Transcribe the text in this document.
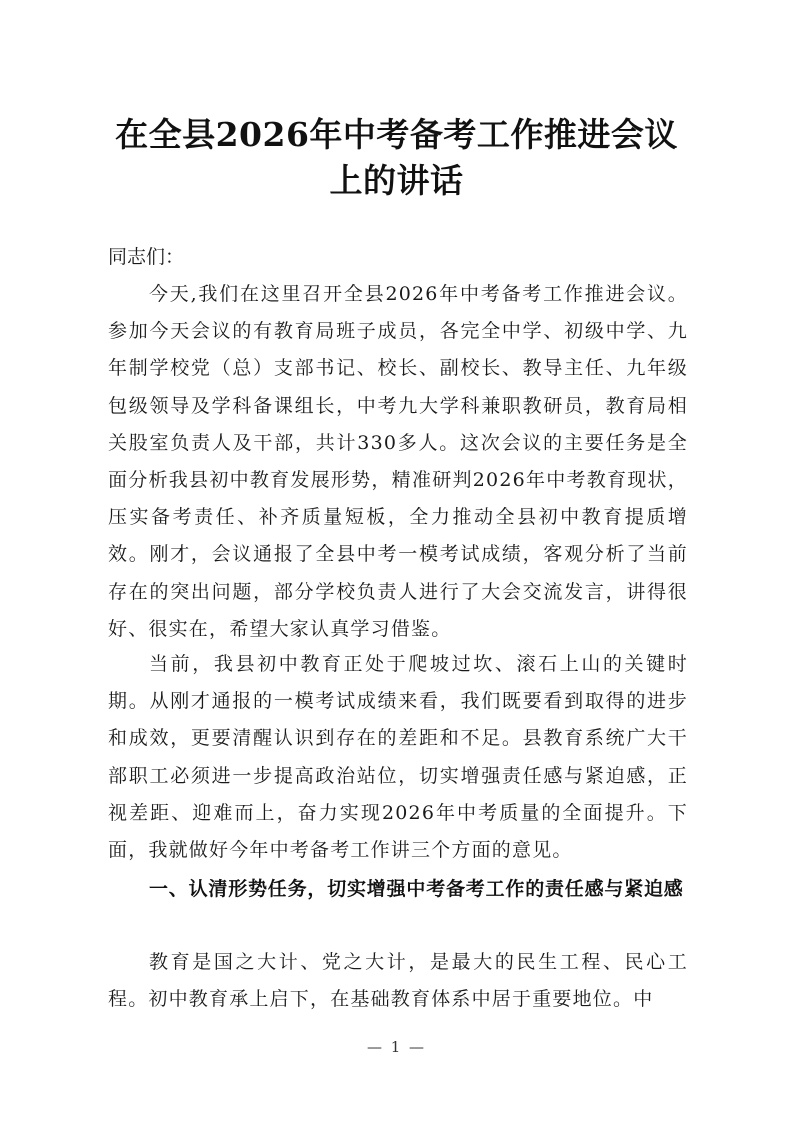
在全县2026年中考备考工作推进会议上的讲话
同志们：

今天,我们在这里召开全县2026年中考备考工作推进会议。参加今天会议的有教育局班子成员，各完全中学、初级中学、九年制学校党（总）支部书记、校长、副校长、教导主任、九年级包级领导及学科备课组长，中考九大学科兼职教研员，教育局相关股室负责人及干部，共计330多人。这次会议的主要任务是全面分析我县初中教育发展形势，精准研判2026年中考教育现状，压实备考责任、补齐质量短板，全力推动全县初中教育提质增效。刚才，会议通报了全县中考一模考试成绩，客观分析了当前存在的突出问题，部分学校负责人进行了大会交流发言，讲得很好、很实在，希望大家认真学习借鉴。

当前，我县初中教育正处于爬坡过坎、滚石上山的关键时期。从刚才通报的一模考试成绩来看，我们既要看到取得的进步和成效，更要清醒认识到存在的差距和不足。县教育系统广大干部职工必须进一步提高政治站位，切实增强责任感与紧迫感，正视差距、迎难而上，奋力实现2026年中考质量的全面提升。下面，我就做好今年中考备考工作讲三个方面的意见。

一、认清形势任务，切实增强中考备考工作的责任感与紧迫感

教育是国之大计、党之大计，是最大的民生工程、民心工程。初中教育承上启下，在基础教育体系中居于重要地位。中

— 1 —
